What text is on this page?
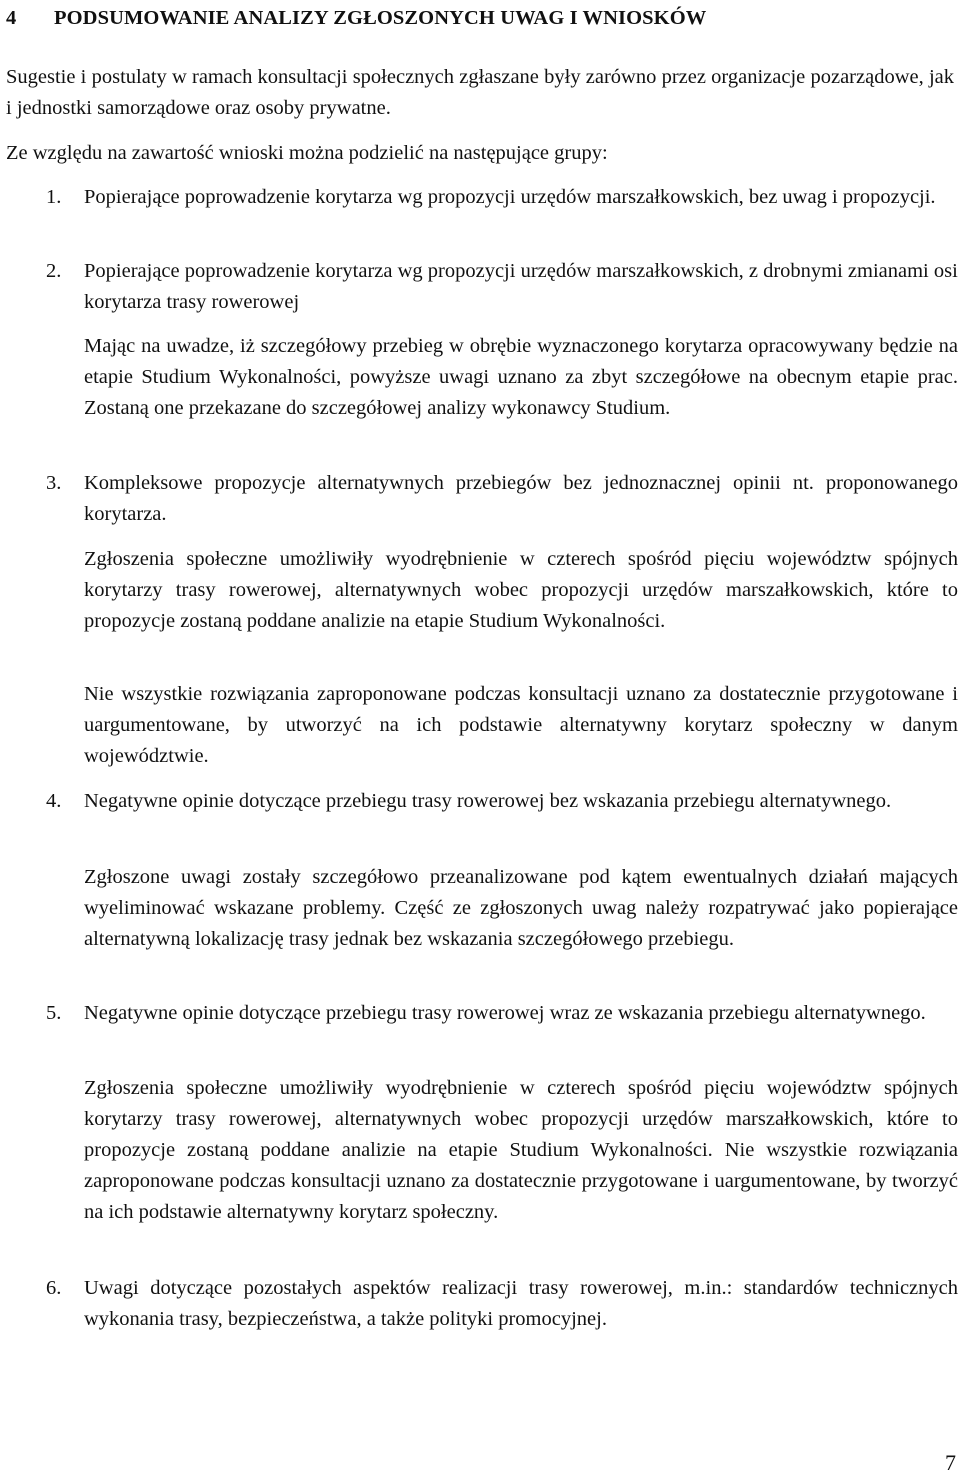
4 PODSUMOWANIE ANALIZY ZGŁOSZONYCH UWAG I WNIOSKÓW

Sugestie i postulaty w ramach konsultacji społecznych zgłaszane były zarówno przez organizacje pozarządowe, jak i jednostki samorządowe oraz osoby prywatne.

Ze względu na zawartość wnioski można podzielić na następujące grupy:

1. Popierające poprowadzenie korytarza wg propozycji urzędów marszałkowskich, bez uwag i propozycji.
2. Popierające poprowadzenie korytarza wg propozycji urzędów marszałkowskich, z drobnymi zmianami osi korytarza trasy rowerowej

Mając na uwadze, iż szczegółowy przebieg w obrębie wyznaczonego korytarza opracowywany będzie na etapie Studium Wykonalności, powyższe uwagi uznano za zbyt szczegółowe na obecnym etapie prac. Zostaną one przekazane do szczegółowej analizy wykonawcy Studium.

3. Kompleksowe propozycje alternatywnych przebiegów bez jednoznacznej opinii nt. proponowanego korytarza.

Zgłoszenia społeczne umożliwiły wyodrębnienie w czterech spośród pięciu województw spójnych korytarzy trasy rowerowej, alternatywnych wobec propozycji urzędów marszałkowskich, które to propozycje zostaną poddane analizie na etapie Studium Wykonalności.

Nie wszystkie rozwiązania zaproponowane podczas konsultacji uznano za dostatecznie przygotowane i uargumentowane, by utworzyć na ich podstawie alternatywny korytarz społeczny w danym województwie.

4. Negatywne opinie dotyczące przebiegu trasy rowerowej bez wskazania przebiegu alternatywnego.

Zgłoszone uwagi zostały szczegółowo przeanalizowane pod kątem ewentualnych działań mających wyeliminować wskazane problemy. Część ze zgłoszonych uwag należy rozpatrywać jako popierające alternatywną lokalizację trasy jednak bez wskazania szczegółowego przebiegu.

5. Negatywne opinie dotyczące przebiegu trasy rowerowej wraz ze wskazania przebiegu alternatywnego.

Zgłoszenia społeczne umożliwiły wyodrębnienie w czterech spośród pięciu województw spójnych korytarzy trasy rowerowej, alternatywnych wobec propozycji urzędów marszałkowskich, które to propozycje zostaną poddane analizie na etapie Studium Wykonalności. Nie wszystkie rozwiązania zaproponowane podczas konsultacji uznano za dostatecznie przygotowane i uargumentowane, by tworzyć na ich podstawie alternatywny korytarz społeczny.

6. Uwagi dotyczące pozostałych aspektów realizacji trasy rowerowej, m.in.: standardów technicznych wykonania trasy, bezpieczeństwa, a także polityki promocyjnej.
7
